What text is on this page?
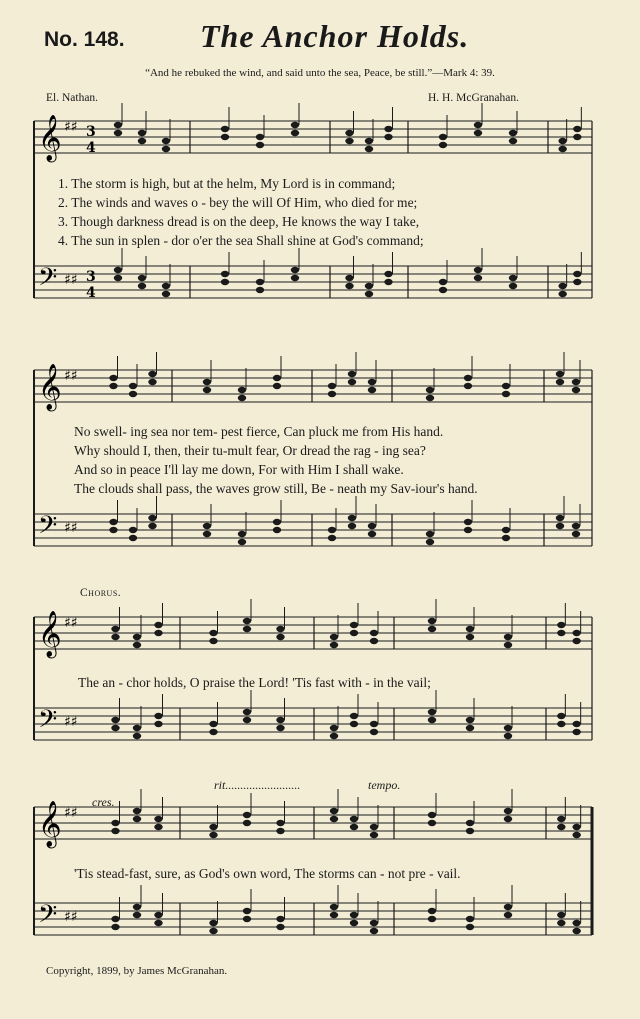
No. 148. The Anchor Holds.
“And he rebuked the wind, and said unto the sea, Peace, be still.”—Mark 4: 39.
El. Nathan.	H. H. McGranahan.
𝄞 ♯♯
𝄢 ♯♯
𝄞 ♯♯
𝄢 ♯♯
𝄞 ♯♯
𝄢 ♯♯
𝄞 ♯♯
𝄢 ♯♯
3
4
3
4
1. The storm is high, but at the helm, My Lord is in command;
2. The winds and waves o - bey the will Of Him, who died for me;
3. Though darkness dread is on the deep, He knows the way I take,
4. The sun in splen - dor o'er the sea Shall shine at God's command;
No swell- ing sea nor tem- pest fierce, Can pluck me from His hand.
Why should I, then, their tu-mult fear, Or dread the rag - ing sea?
And so in peace I'll lay me down, For with Him I shall wake.
The clouds shall pass, the waves grow still, Be - neath my Sav-iour's hand.
Chorus.
The an - chor holds, O praise the Lord! 'Tis fast with - in the vail;
cres.
rit.........................	tempo.
'Tis stead-fast, sure, as God's own word, The storms can - not pre - vail.
Copyright, 1899, by James McGranahan.
